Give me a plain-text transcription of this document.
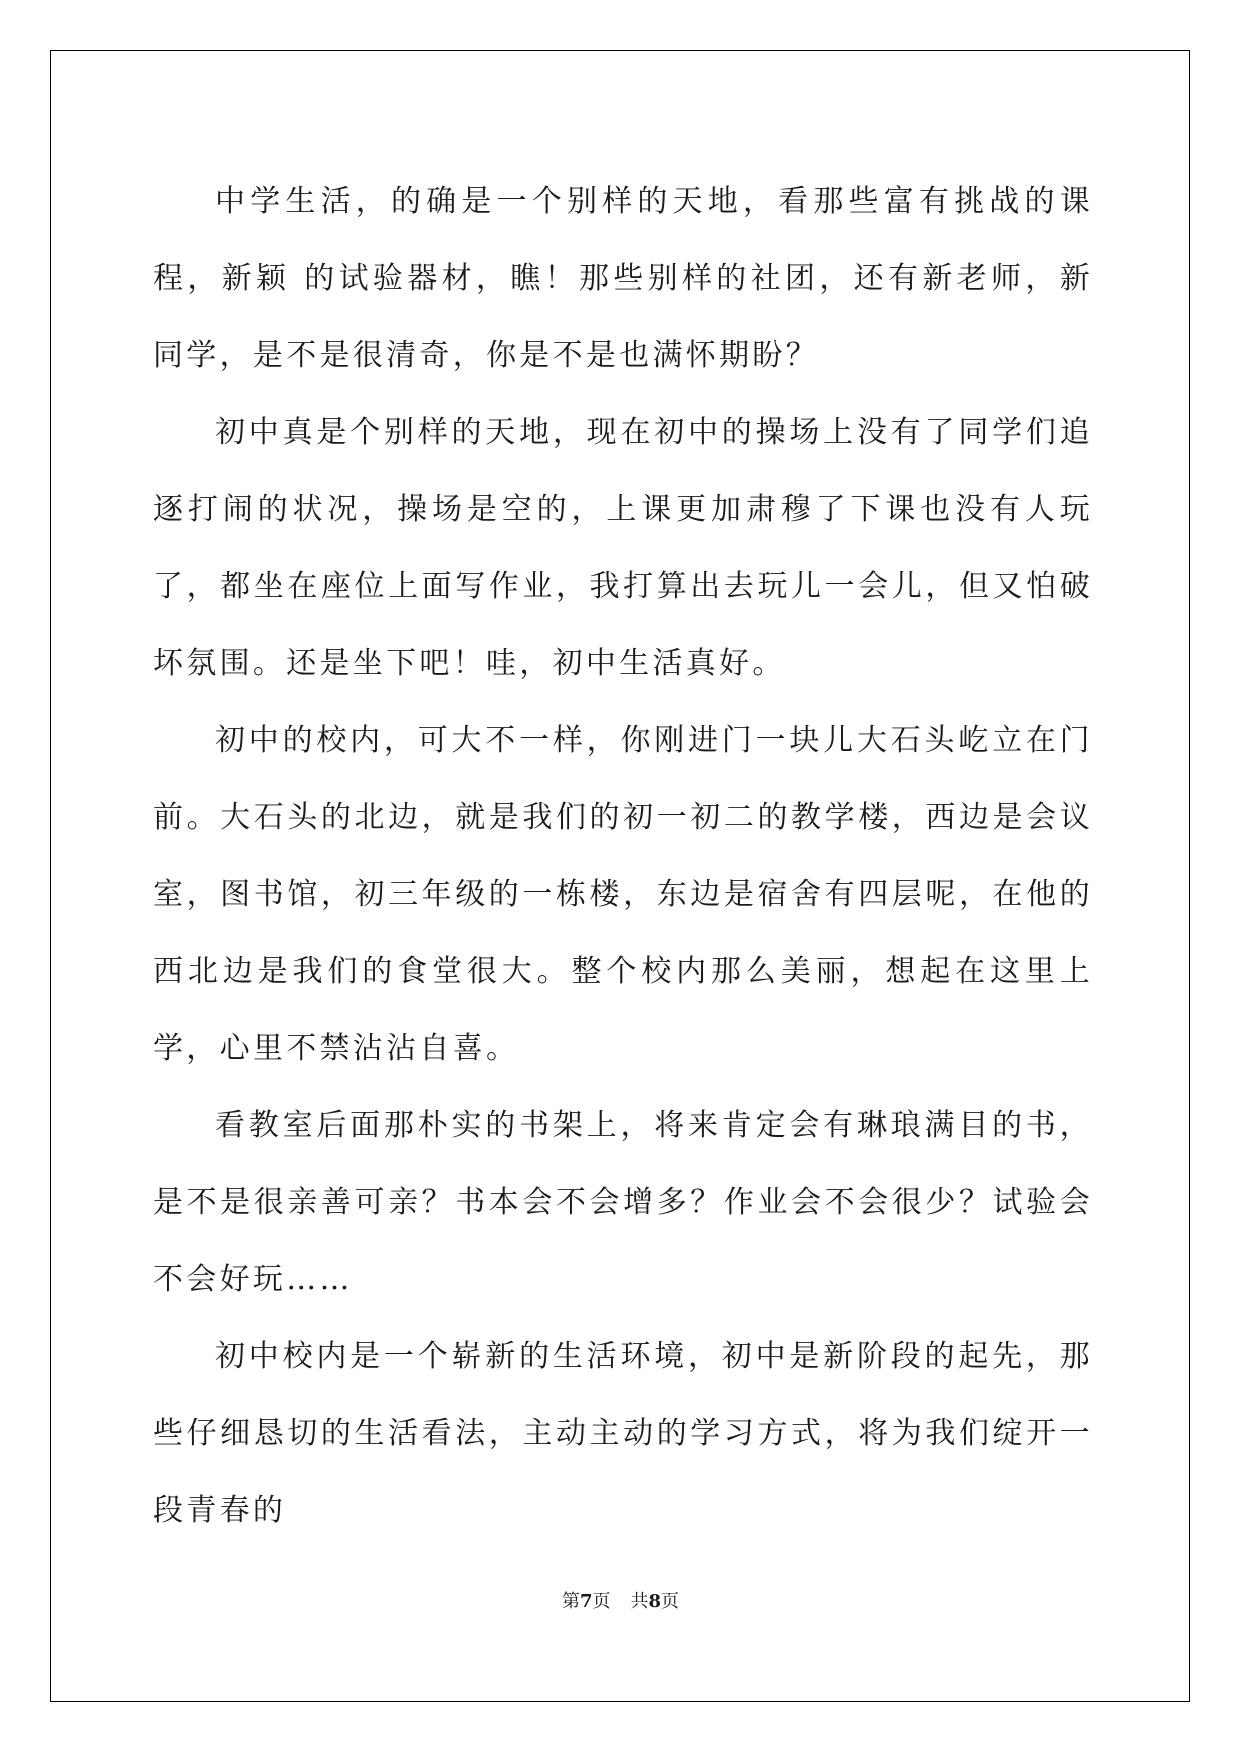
中学生活，的确是一个别样的天地，看那些富有挑战的课程，新颖 的试验器材，瞧！那些别样的社团，还有新老师，新同学，是不是很清奇，你是不是也满怀期盼？

初中真是个别样的天地，现在初中的操场上没有了同学们追逐打闹的状况，操场是空的，上课更加肃穆了下课也没有人玩了，都坐在座位上面写作业，我打算出去玩儿一会儿，但又怕破坏氛围。还是坐下吧！哇，初中生活真好。

初中的校内，可大不一样，你刚进门一块儿大石头屹立在门前。大石头的北边，就是我们的初一初二的教学楼，西边是会议室，图书馆，初三年级的一栋楼，东边是宿舍有四层呢，在他的西北边是我们的食堂很大。整个校内那么美丽，想起在这里上学，心里不禁沾沾自喜。

看教室后面那朴实的书架上，将来肯定会有琳琅满目的书，是不是很亲善可亲？书本会不会增多？作业会不会很少？试验会不会好玩……

初中校内是一个崭新的生活环境，初中是新阶段的起先，那些仔细恳切的生活看法，主动主动的学习方式，将为我们绽开一段青春的

第7页 共8页
